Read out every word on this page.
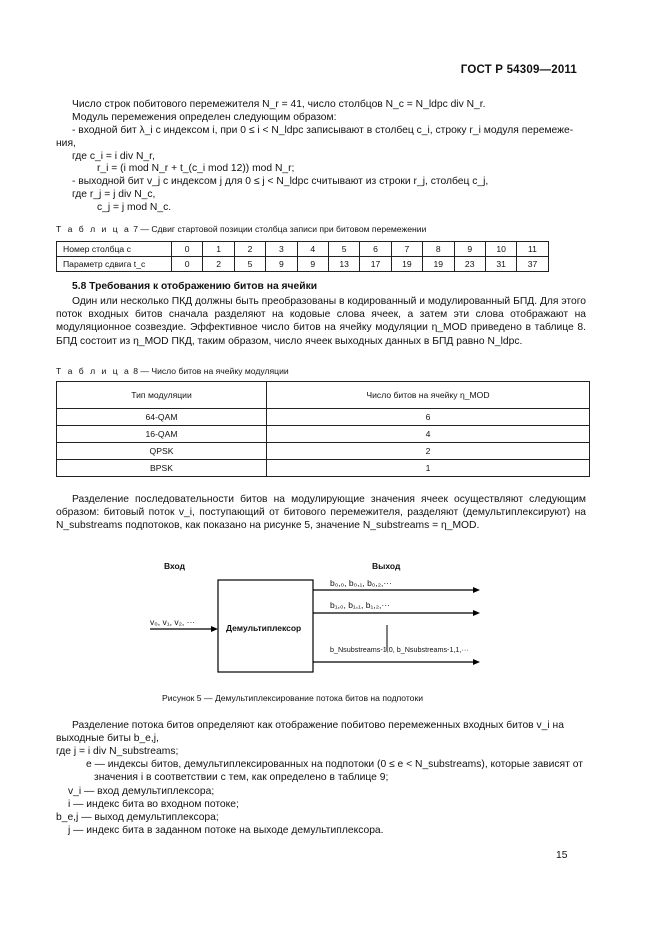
ГОСТ Р 54309—2011
Число строк побитового перемежителя N_r = 41, число столбцов N_c = N_ldpc div N_r.
Модуль перемежения определен следующим образом:
- входной бит λ_i с индексом i, при 0 ≤ i < N_ldpc записывают в столбец c_i, строку r_i модуля перемеже-
ния,
где c_i = i div N_r,
r_i = (i mod N_r + t_(c_i mod 12)) mod N_r;
- выходной бит v_j с индексом j для 0 ≤ j < N_ldpc считывают из строки r_j, столбец c_j,
где r_j = j div N_c,
c_j = j mod N_c.
Т а б л и ц а 7 — Сдвиг стартовой позиции столбца записи при битовом перемежении
Номер столбца c	0	1	2	3	4	5	6	7	8	9	10	11
Параметр сдвига t_c	0	2	5	9	9	13	17	19	19	23	31	37
5.8 Требования к отображению битов на ячейки
Один или несколько ПКД должны быть преобразованы в кодированный и модулированный БПД. Для этого поток входных битов сначала разделяют на кодовые слова ячеек, а затем эти слова отображают на модуляционное созвездие. Эффективное число битов на ячейку модуляции η_MOD приведено в таблице 8. БПД состоит из η_MOD ПКД, таким образом, число ячеек выходных данных в БПД равно N_ldpc.
Т а б л и ц а 8 — Число битов на ячейку модуляции
Тип модуляции	Число битов на ячейку η_MOD
64-QAM	6
16-QAM	4
QPSK	2
BPSK	1
Разделение последовательности битов на модулирующие значения ячеек осуществляют следующим образом: битовый поток v_i, поступающий от битового перемежителя, разделяют (демультиплексируют) на N_substreams подпотоков, как показано на рисунке 5, значение N_substreams = η_MOD.
Вход	Выход
Демультиплексор
v₀, v₁, v₂, ···
b₀,₀, b₀,₁, b₀,₂,···
b₁,₀, b₁,₁, b₁,₂,···
b_Nsubstreams-1,0, b_Nsubstreams-1,1,···
Рисунок 5 — Демультиплексирование потока битов на подпотоки
Разделение потока битов определяют как отображение побитово перемеженных входных битов v_i на выходные биты b_e,j,
где j = i div N_substreams;
e — индексы битов, демультиплексированных на подпотоки (0 ≤ e < N_substreams), которые зависят от значения i в соответствии с тем, как определено в таблице 9;
v_i — вход демультиплексора;
i — индекс бита во входном потоке;
b_e,j — выход демультиплексора;
j — индекс бита в заданном потоке на выходе демультиплексора.
15
